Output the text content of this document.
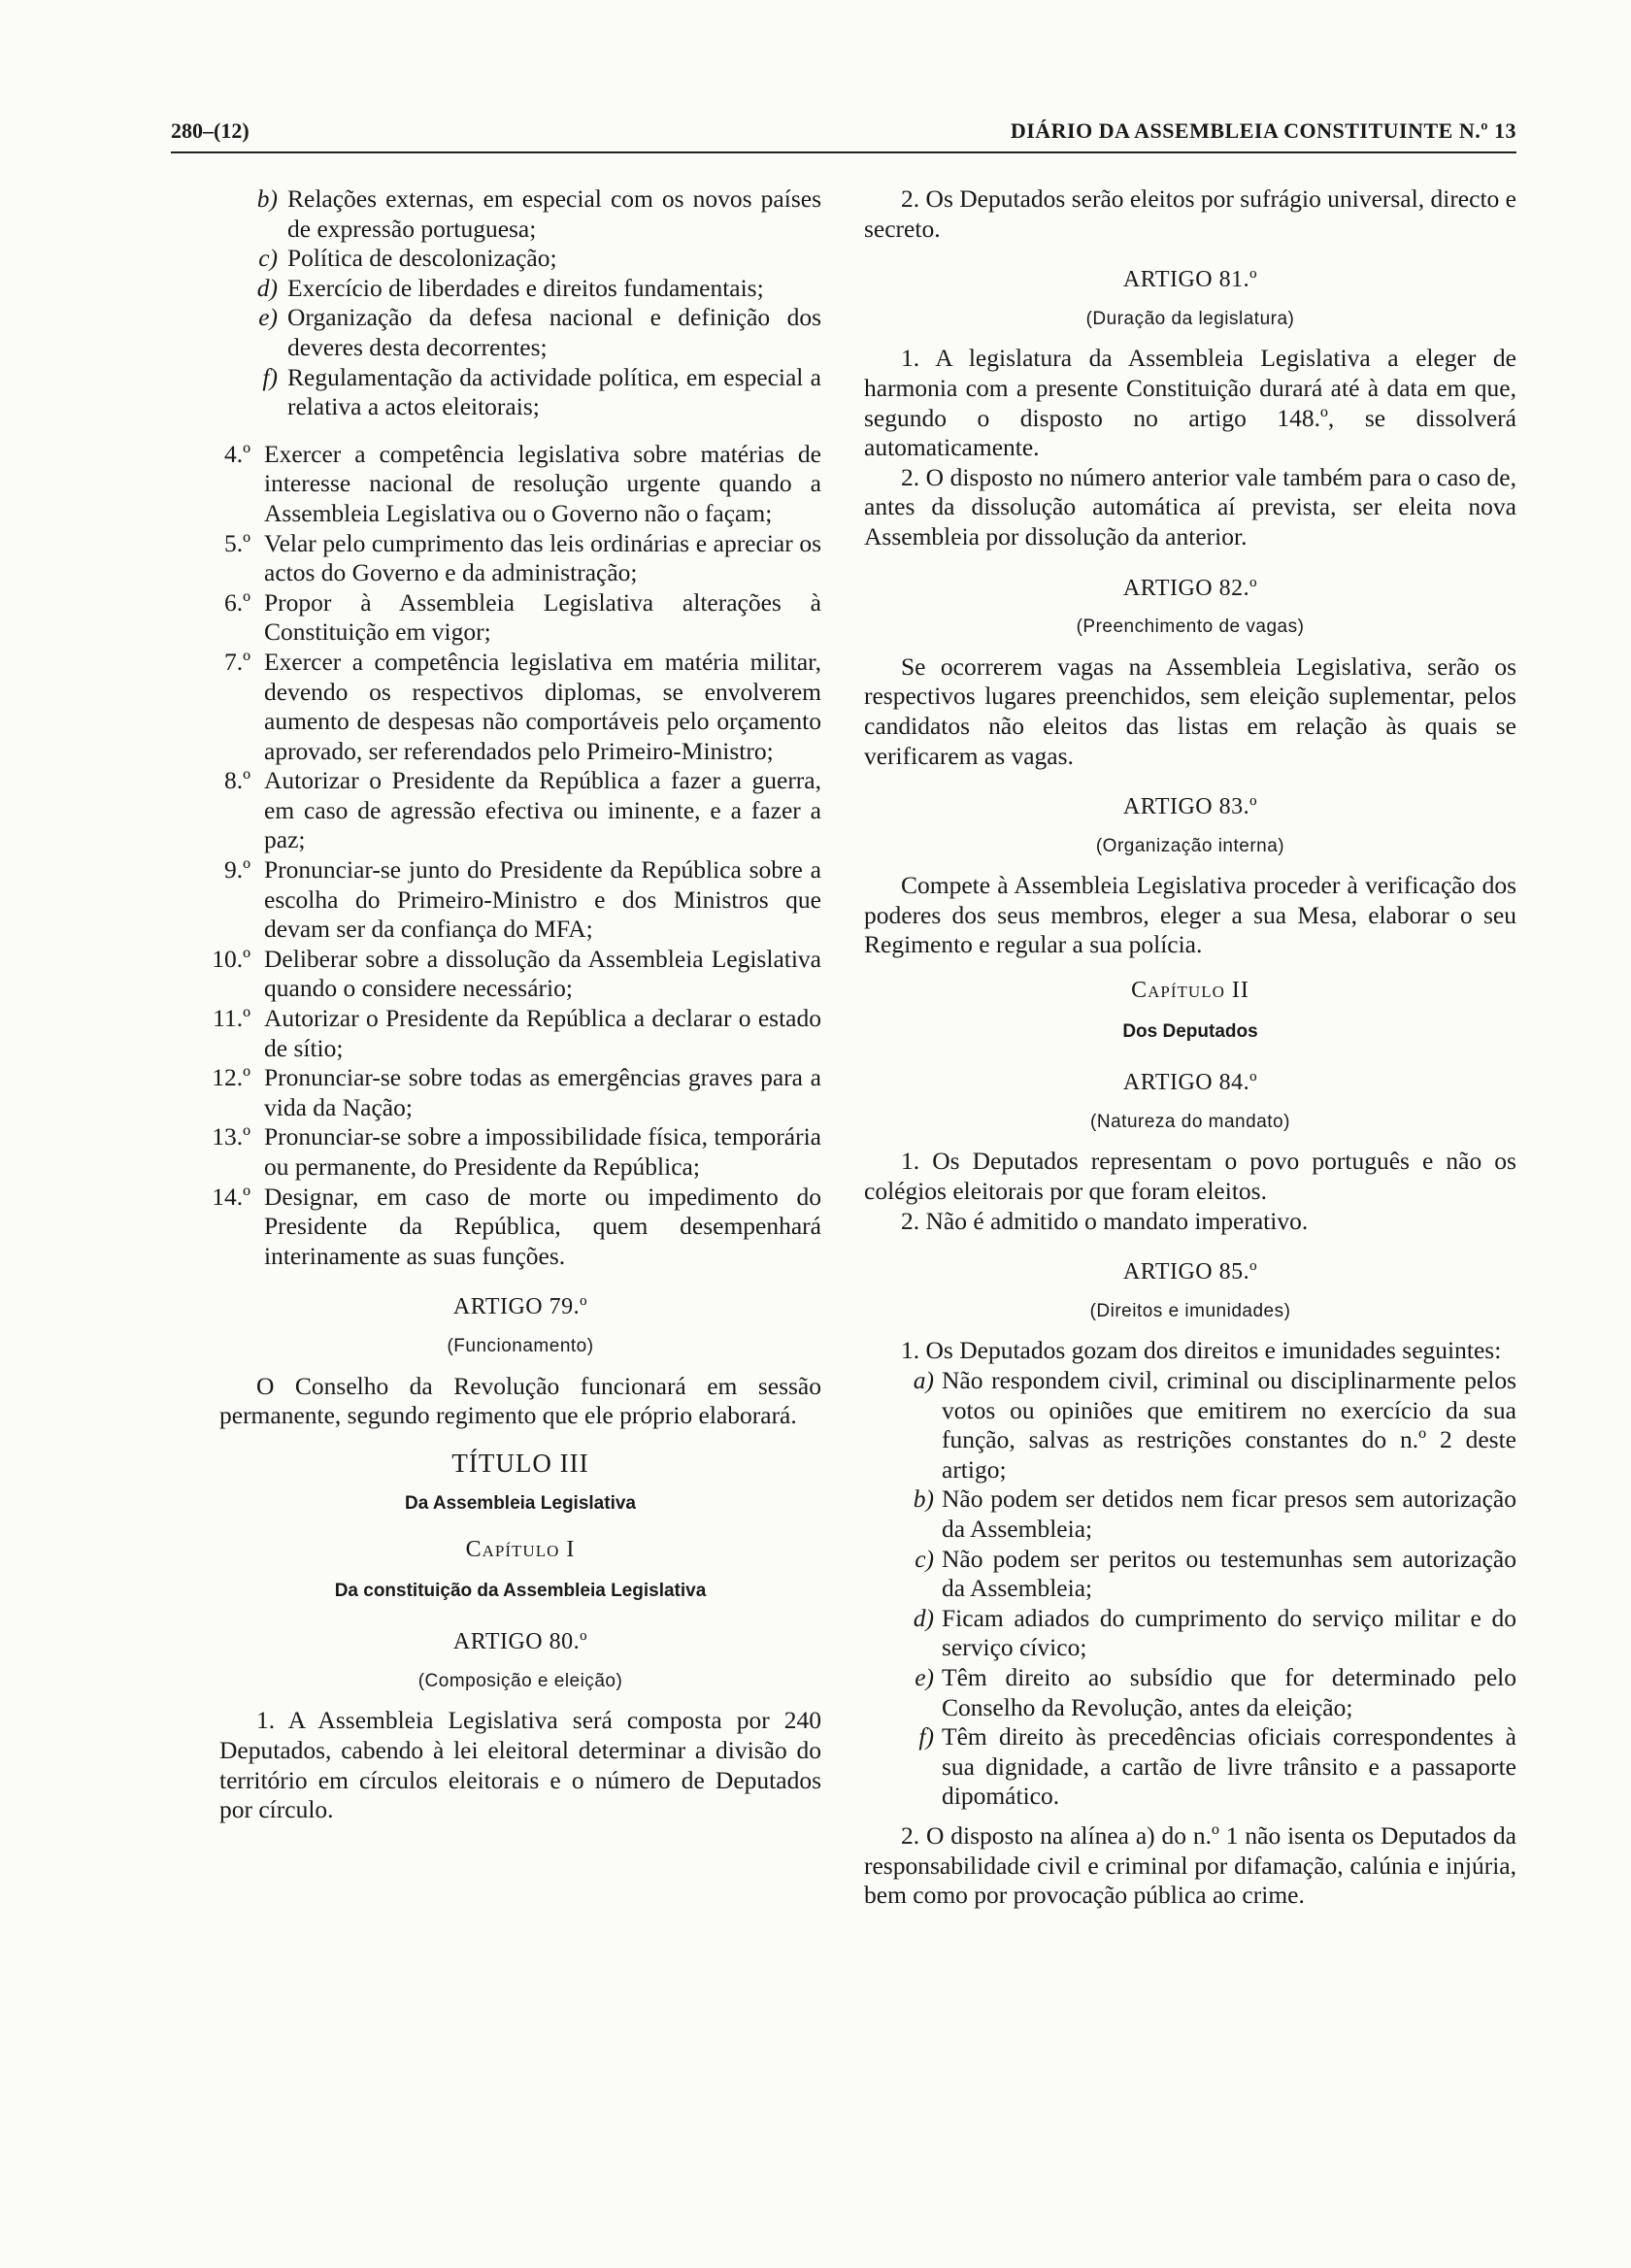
280–(12)	DIÁRIO DA ASSEMBLEIA CONSTITUINTE N.º 13
b) Relações externas, em especial com os novos países de expressão portuguesa;
c) Política de descolonização;
d) Exercício de liberdades e direitos fundamentais;
e) Organização da defesa nacional e definição dos deveres desta decorrentes;
f) Regulamentação da actividade política, em especial a relativa a actos eleitorais;
4.º Exercer a competência legislativa sobre matérias de interesse nacional de resolução urgente quando a Assembleia Legislativa ou o Governo não o façam;
5.º Velar pelo cumprimento das leis ordinárias e apreciar os actos do Governo e da administração;
6.º Propor à Assembleia Legislativa alterações à Constituição em vigor;
7.º Exercer a competência legislativa em matéria militar, devendo os respectivos diplomas, se envolverem aumento de despesas não comportáveis pelo orçamento aprovado, ser referendados pelo Primeiro-Ministro;
8.º Autorizar o Presidente da República a fazer a guerra, em caso de agressão efectiva ou iminente, e a fazer a paz;
9.º Pronunciar-se junto do Presidente da República sobre a escolha do Primeiro-Ministro e dos Ministros que devam ser da confiança do MFA;
10.º Deliberar sobre a dissolução da Assembleia Legislativa quando o considere necessário;
11.º Autorizar o Presidente da República a declarar o estado de sítio;
12.º Pronunciar-se sobre todas as emergências graves para a vida da Nação;
13.º Pronunciar-se sobre a impossibilidade física, temporária ou permanente, do Presidente da República;
14.º Designar, em caso de morte ou impedimento do Presidente da República, quem desempenhará interinamente as suas funções.
ARTIGO 79.º
(Funcionamento)

O Conselho da Revolução funcionará em sessão permanente, segundo regimento que ele próprio elaborará.

TÍTULO III
Da Assembleia Legislativa
Capítulo I
Da constituição da Assembleia Legislativa
ARTIGO 80.º
(Composição e eleição)

1. A Assembleia Legislativa será composta por 240 Deputados, cabendo à lei eleitoral determinar a divisão do território em círculos eleitorais e o número de Deputados por círculo.

2. Os Deputados serão eleitos por sufrágio universal, directo e secreto.

ARTIGO 81.º
(Duração da legislatura)

1. A legislatura da Assembleia Legislativa a eleger de harmonia com a presente Constituição durará até à data em que, segundo o disposto no artigo 148.º, se dissolverá automaticamente.

2. O disposto no número anterior vale também para o caso de, antes da dissolução automática aí prevista, ser eleita nova Assembleia por dissolução da anterior.

ARTIGO 82.º
(Preenchimento de vagas)

Se ocorrerem vagas na Assembleia Legislativa, serão os respectivos lugares preenchidos, sem eleição suplementar, pelos candidatos não eleitos das listas em relação às quais se verificarem as vagas.

ARTIGO 83.º
(Organização interna)

Compete à Assembleia Legislativa proceder à verificação dos poderes dos seus membros, eleger a sua Mesa, elaborar o seu Regimento e regular a sua polícia.

Capítulo II
Dos Deputados
ARTIGO 84.º
(Natureza do mandato)

1. Os Deputados representam o povo português e não os colégios eleitorais por que foram eleitos.

2. Não é admitido o mandato imperativo.

ARTIGO 85.º
(Direitos e imunidades)

1. Os Deputados gozam dos direitos e imunidades seguintes:

a) Não respondem civil, criminal ou disciplinarmente pelos votos ou opiniões que emitirem no exercício da sua função, salvas as restrições constantes do n.º 2 deste artigo;
b) Não podem ser detidos nem ficar presos sem autorização da Assembleia;
c) Não podem ser peritos ou testemunhas sem autorização da Assembleia;
d) Ficam adiados do cumprimento do serviço militar e do serviço cívico;
e) Têm direito ao subsídio que for determinado pelo Conselho da Revolução, antes da eleição;
f) Têm direito às precedências oficiais correspondentes à sua dignidade, a cartão de livre trânsito e a passaporte dipomático.

2. O disposto na alínea a) do n.º 1 não isenta os Deputados da responsabilidade civil e criminal por difamação, calúnia e injúria, bem como por provocação pública ao crime.
